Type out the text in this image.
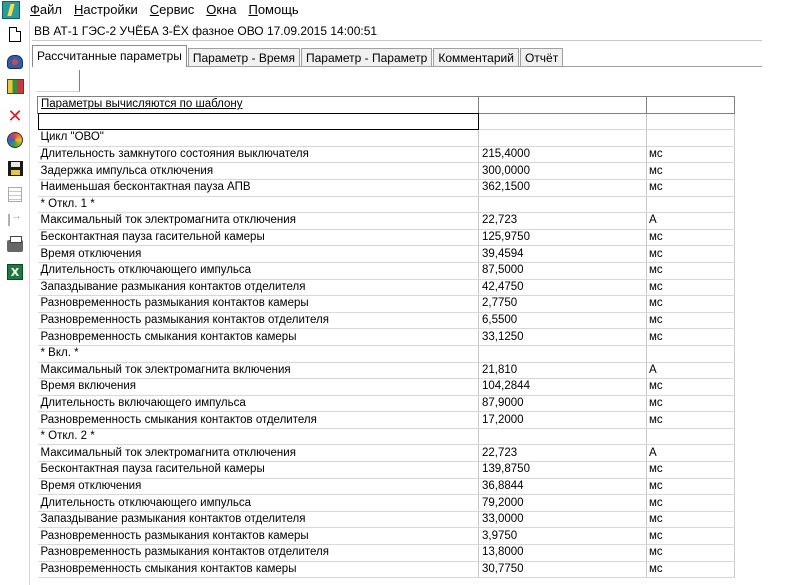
Файл Настройки Сервис Окна Помощь
✕
→
X
ВВ АТ-1 ГЭС-2 УЧЁБА 3-ЁХ фазное ОВО 17.09.2015 14:00:51
Рассчитанные параметры Параметр - Время Параметр - Параметр Комментарий Отчёт
Параметры вычисляются по шаблону		

Цикл "ОВО"		
Длительность замкнутого состояния выключателя	215,4000	мс
Задержка импульса отключения	300,0000	мс
Наименьшая бесконтактная пауза АПВ	362,1500	мс
* Откл. 1 *		
Максимальный ток электромагнита отключения	22,723	А
Бесконтактная пауза гасительной камеры	125,9750	мс
Время отключения	39,4594	мс
Длительность отключающего импульса	87,5000	мс
Запаздывание размыкания контактов отделителя	42,4750	мс
Разновременность размыкания контактов камеры	2,7750	мс
Разновременность размыкания контактов отделителя	6,5500	мс
Разновременность смыкания контактов камеры	33,1250	мс
* Вкл. *		
Максимальный ток электромагнита включения	21,810	А
Время включения	104,2844	мс
Длительность включающего импульса	87,9000	мс
Разновременность смыкания контактов отделителя	17,2000	мс
* Откл. 2 *		
Максимальный ток электромагнита отключения	22,723	А
Бесконтактная пауза гасительной камеры	139,8750	мс
Время отключения	36,8844	мс
Длительность отключающего импульса	79,2000	мс
Запаздывание размыкания контактов отделителя	33,0000	мс
Разновременность размыкания контактов камеры	3,9750	мс
Разновременность размыкания контактов отделителя	13,8000	мс
Разновременность смыкания контактов камеры	30,7750	мс
